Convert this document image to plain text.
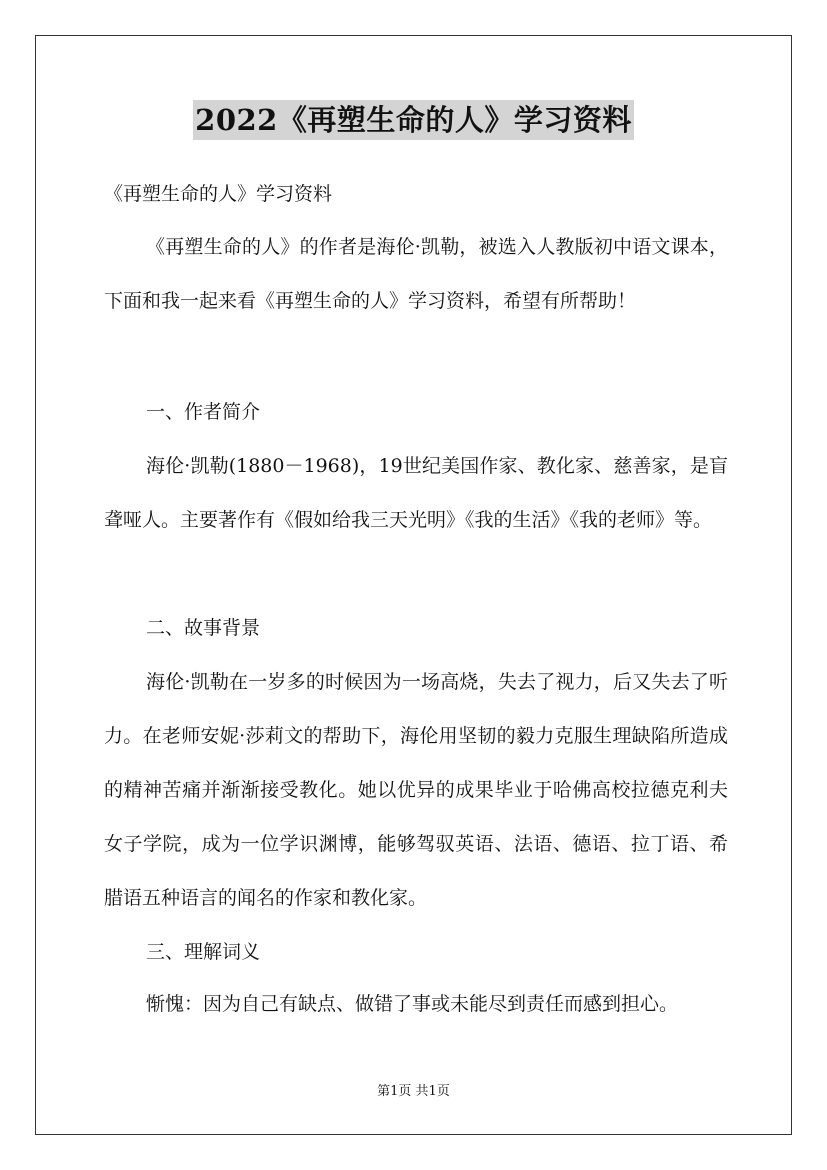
2022《再塑生命的人》学习资料
《再塑生命的人》学习资料
《再塑生命的人》的作者是海伦·凯勒，被选入人教版初中语文课本，下面和我一起来看《再塑生命的人》学习资料，希望有所帮助！
一、作者简介
海伦·凯勒(1880－1968)，19世纪美国作家、教化家、慈善家，是盲聋哑人。主要著作有《假如给我三天光明》《我的生活》《我的老师》等。
二、故事背景
海伦·凯勒在一岁多的时候因为一场高烧，失去了视力，后又失去了听力。在老师安妮·莎莉文的帮助下，海伦用坚韧的毅力克服生理缺陷所造成的精神苦痛并渐渐接受教化。她以优异的成果毕业于哈佛高校拉德克利夫女子学院，成为一位学识渊博，能够驾驭英语、法语、德语、拉丁语、希腊语五种语言的闻名的作家和教化家。
三、理解词义
惭愧：因为自己有缺点、做错了事或未能尽到责任而感到担心。
第1页 共1页
